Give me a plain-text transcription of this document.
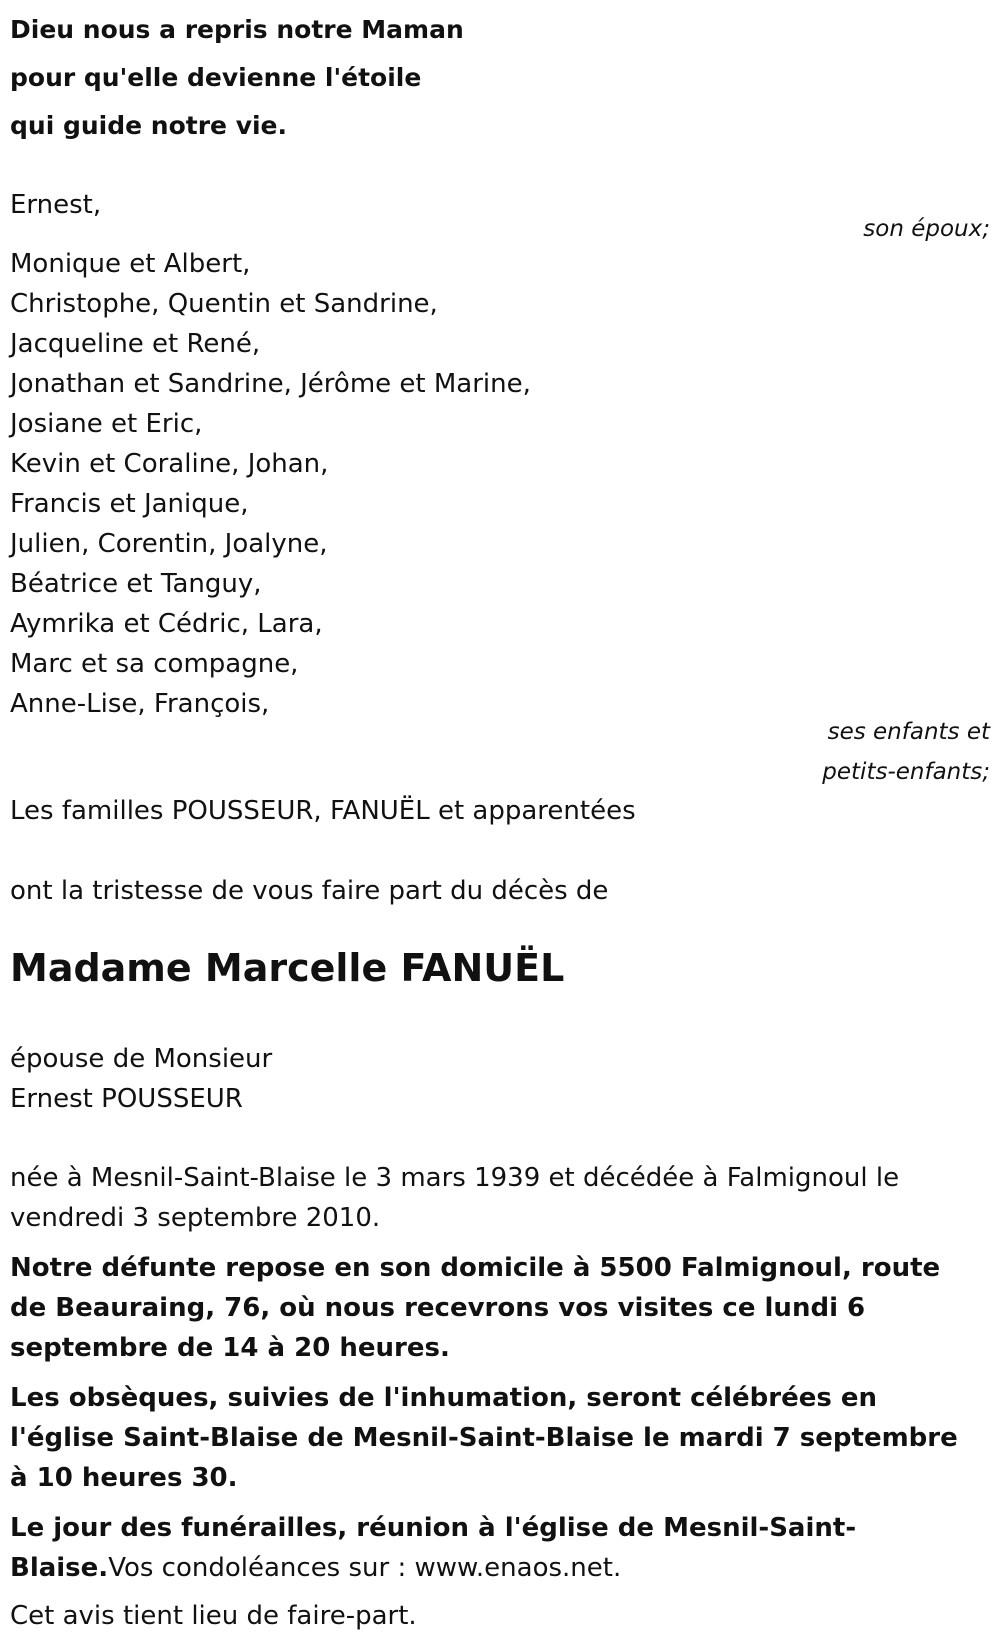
Dieu nous a repris notre Maman
pour qu'elle devienne l'étoile
qui guide notre vie.
Ernest,
son époux;
Monique et Albert,
Christophe, Quentin et Sandrine,
Jacqueline et René,
Jonathan et Sandrine, Jérôme et Marine,
Josiane et Eric,
Kevin et Coraline, Johan,
Francis et Janique,
Julien, Corentin, Joalyne,
Béatrice et Tanguy,
Aymrika et Cédric, Lara,
Marc et sa compagne,
Anne-Lise, François,
ses enfants et
petits-enfants;
Les familles POUSSEUR, FANUËL et apparentées
ont la tristesse de vous faire part du décès de
Madame Marcelle FANUËL
épouse de Monsieur
Ernest POUSSEUR
née à Mesnil-Saint-Blaise le 3 mars 1939 et décédée à Falmignoul le vendredi 3 septembre 2010.
Notre défunte repose en son domicile à 5500 Falmignoul, route de Beauraing, 76, où nous recevrons vos visites ce lundi 6 septembre de 14 à 20 heures.
Les obsèques, suivies de l'inhumation, seront célébrées en l'église Saint-Blaise de Mesnil-Saint-Blaise le mardi 7 septembre à 10 heures 30.
Le jour des funérailles, réunion à l'église de Mesnil-Saint-Blaise.Vos condoléances sur : www.enaos.net.
Cet avis tient lieu de faire-part.
